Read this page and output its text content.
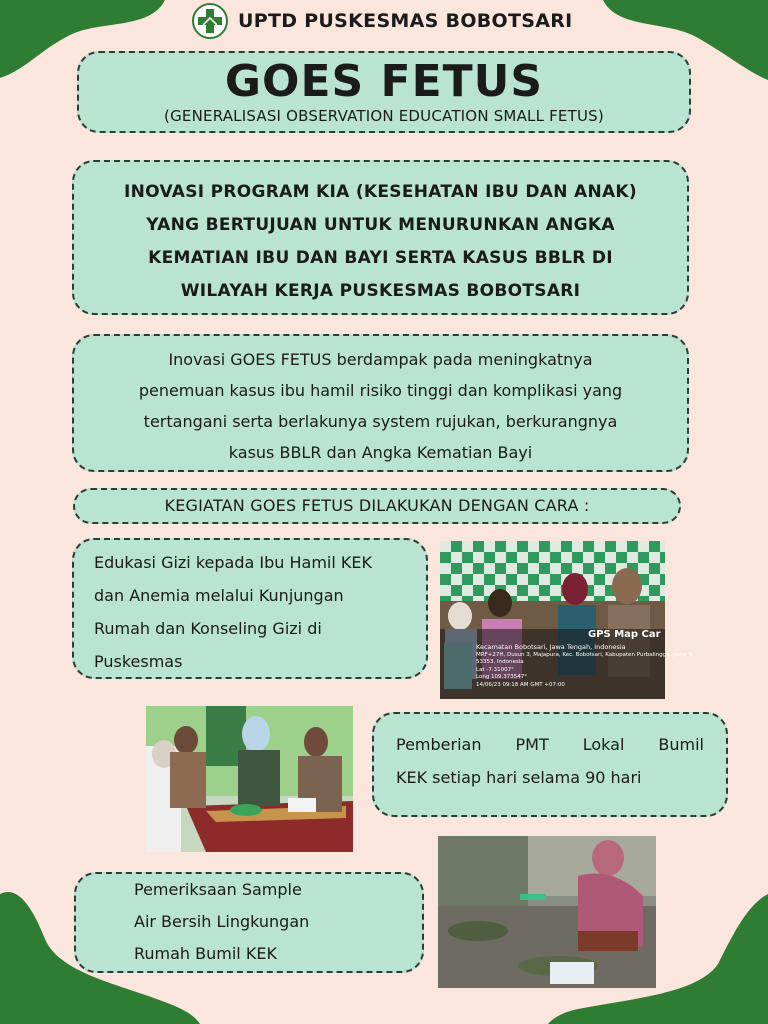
UPTD PUSKESMAS BOBOTSARI
GOES FETUS
(GENERALISASI OBSERVATION EDUCATION SMALL FETUS)
INOVASI PROGRAM KIA (KESEHATAN IBU DAN ANAK)
YANG BERTUJUAN UNTUK MENURUNKAN ANGKA
KEMATIAN IBU DAN BAYI SERTA KASUS BBLR DI
WILAYAH KERJA PUSKESMAS BOBOTSARI
Inovasi GOES FETUS berdampak pada meningkatnya
penemuan kasus ibu hamil risiko tinggi dan komplikasi yang
tertangani serta berlakunya system rujukan, berkurangnya
kasus BBLR dan Angka Kematian Bayi
KEGIATAN GOES FETUS DILAKUKAN DENGAN CARA :
Edukasi Gizi kepada Ibu Hamil KEK
dan Anemia melalui Kunjungan
Rumah dan Konseling Gizi di
Puskesmas
GPS Map Car
Kecamatan Bobotsari, Jawa Tengah, Indonesia
MRF+27H, Dusun 3, Majapura, Kec. Bobotsari, Kabupaten Purbalingga, Jawa Te
53353, Indonesia
Lat -7.31007°
Long 109.373547°
14/06/23 09:18 AM GMT +07:00
Pemberian PMT Lokal Bumil
KEK setiap hari selama 90 hari
Pemeriksaan Sample
Air Bersih Lingkungan
Rumah Bumil KEK
